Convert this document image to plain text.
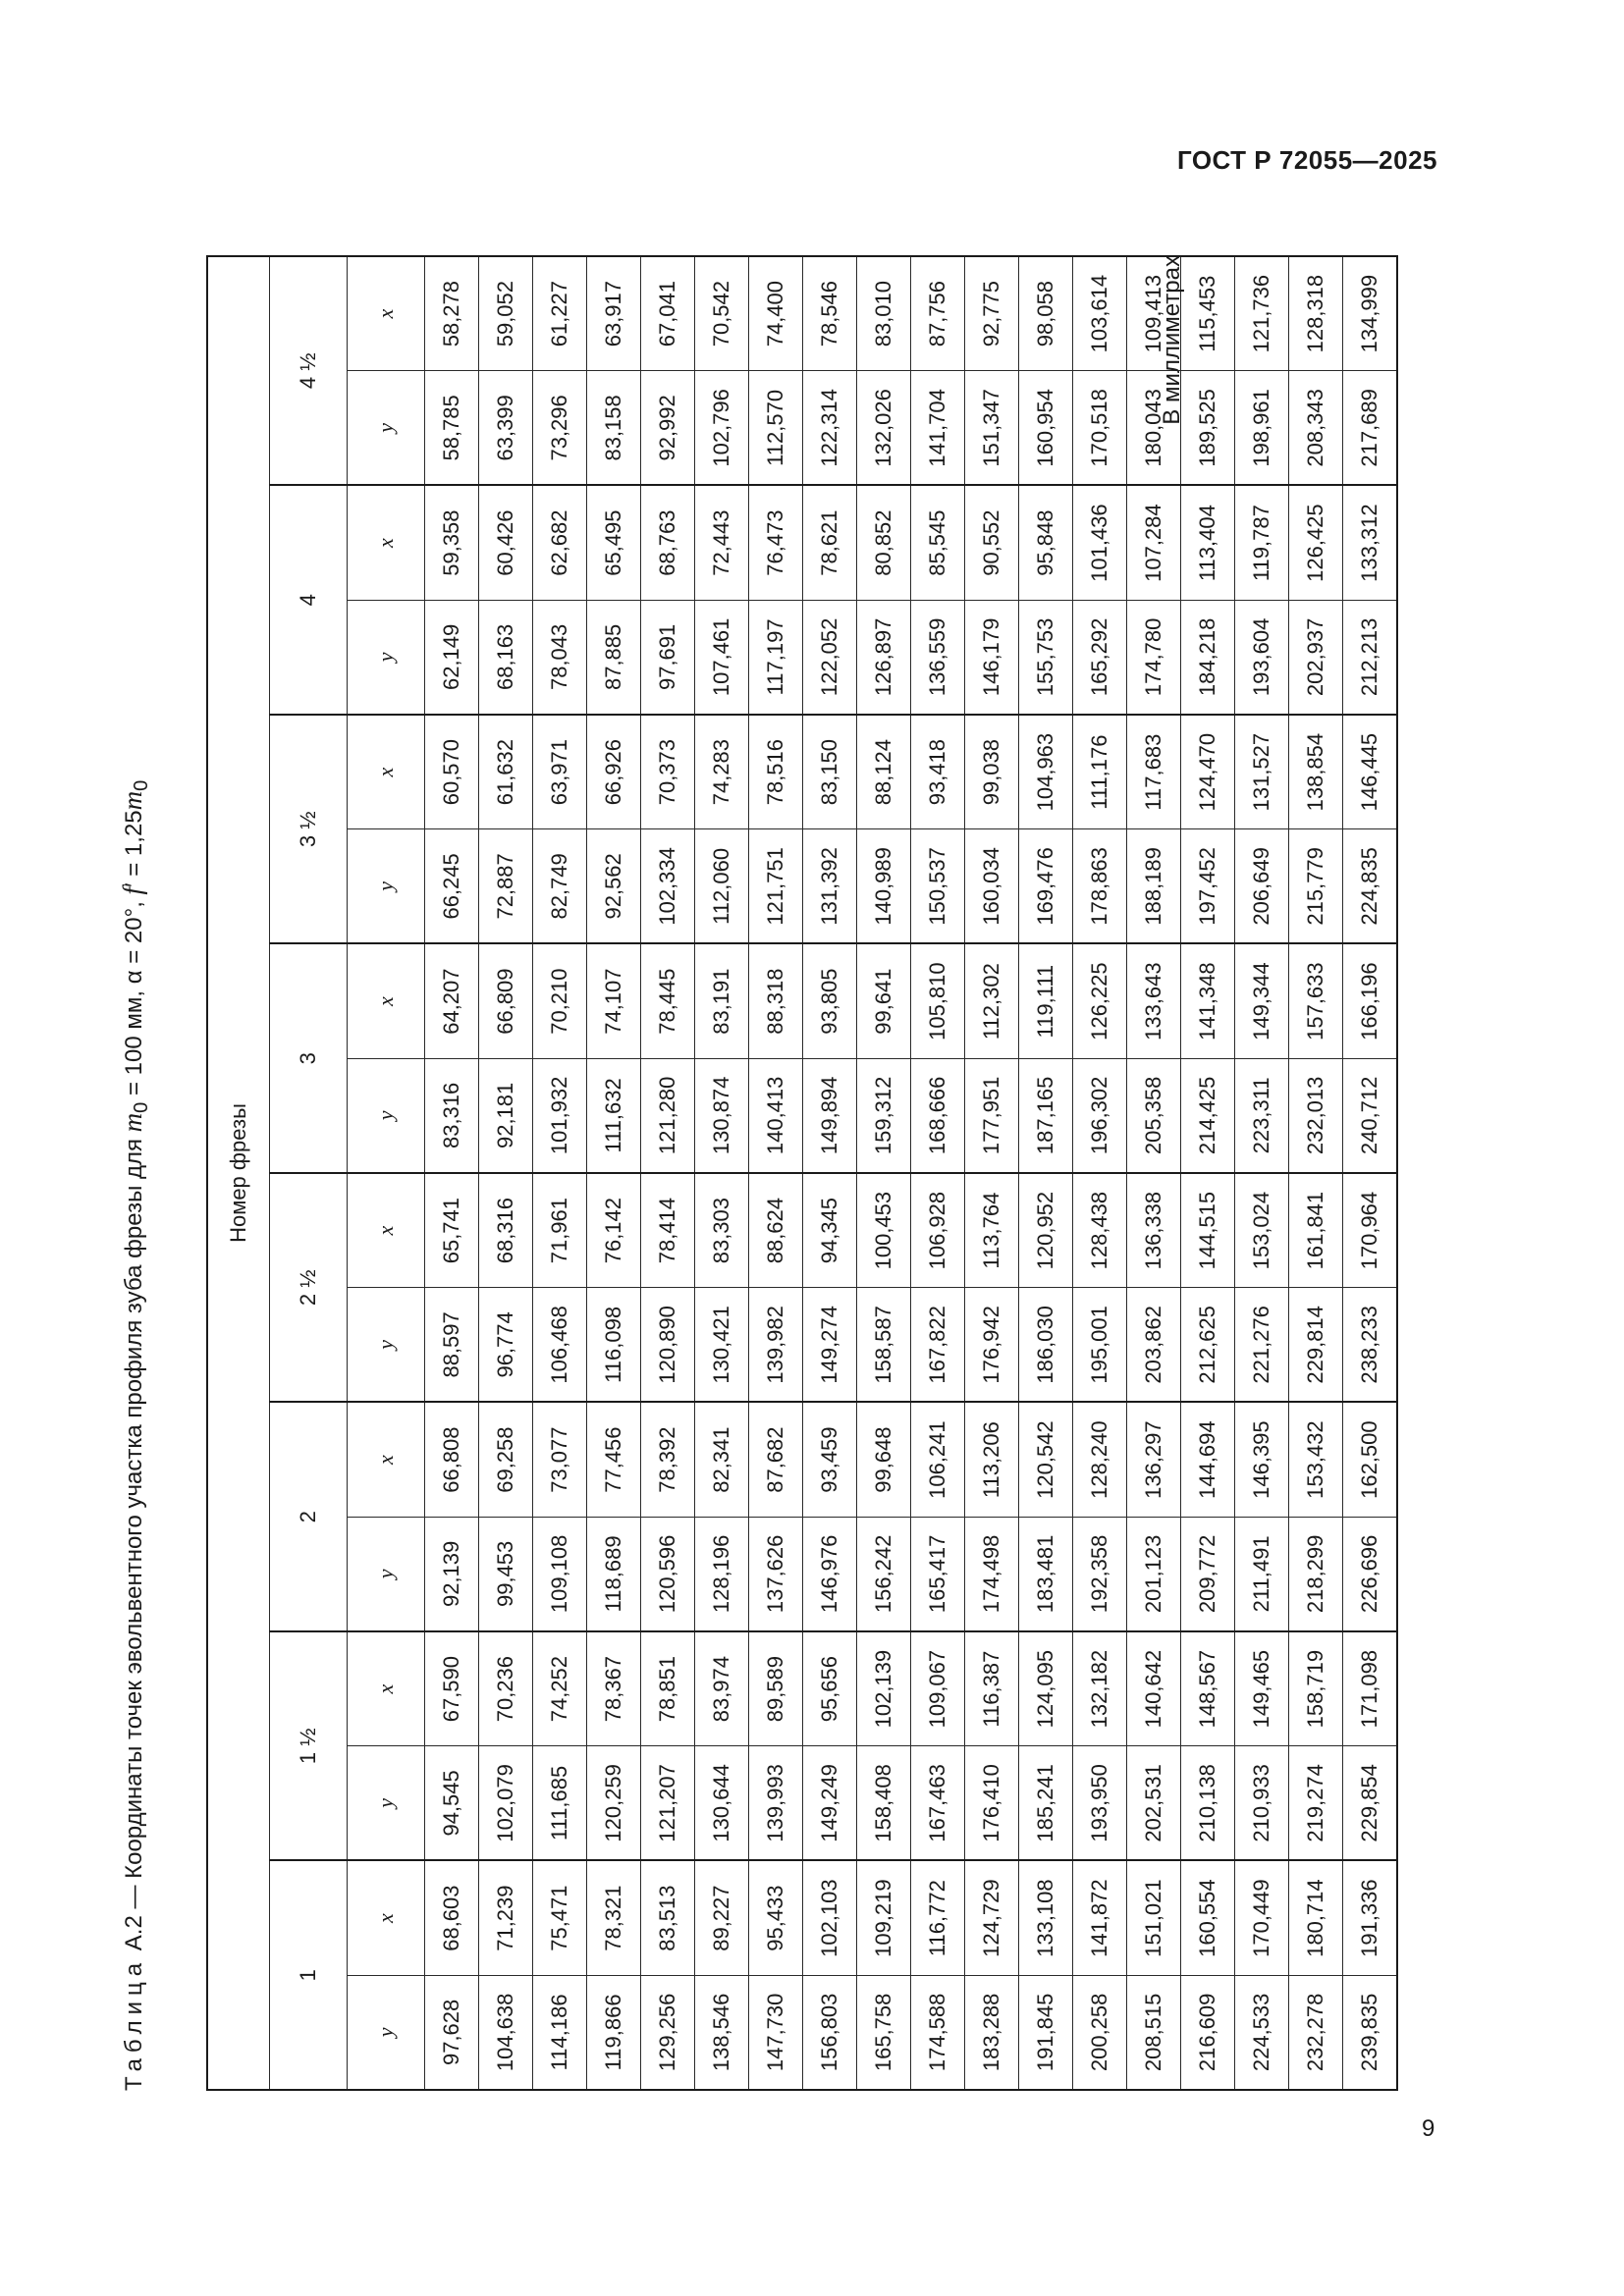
ГОСТ Р 72055—2025
Таблица А.2 — Координаты точек эвольвентного участка профиля зуба фрезы для $m_0 = 100$ мм, α = 20°, $f' = 1,25m_0$
Номер фрезы															
1		1 ½		2		2 ½		3		3 ½		4		4 ½	
y	x	y	x	y	x	y	x	y	x	y	x	y	x	y	x
97,628	68,603	94,545	67,590	92,139	66,808	88,597	65,741	83,316	64,207	66,245	60,570	62,149	59,358	58,785	58,278
104,638	71,239	102,079	70,236	99,453	69,258	96,774	68,316	92,181	66,809	72,887	61,632	68,163	60,426	63,399	59,052
114,186	75,471	111,685	74,252	109,108	73,077	106,468	71,961	101,932	70,210	82,749	63,971	78,043	62,682	73,296	61,227
119,866	78,321	120,259	78,367	118,689	77,456	116,098	76,142	111,632	74,107	92,562	66,926	87,885	65,495	83,158	63,917
129,256	83,513	121,207	78,851	120,596	78,392	120,890	78,414	121,280	78,445	102,334	70,373	97,691	68,763	92,992	67,041
138,546	89,227	130,644	83,974	128,196	82,341	130,421	83,303	130,874	83,191	112,060	74,283	107,461	72,443	102,796	70,542
147,730	95,433	139,993	89,589	137,626	87,682	139,982	88,624	140,413	88,318	121,751	78,516	117,197	76,473	112,570	74,400
156,803	102,103	149,249	95,656	146,976	93,459	149,274	94,345	149,894	93,805	131,392	83,150	122,052	78,621	122,314	78,546
165,758	109,219	158,408	102,139	156,242	99,648	158,587	100,453	159,312	99,641	140,989	88,124	126,897	80,852	132,026	83,010
174,588	116,772	167,463	109,067	165,417	106,241	167,822	106,928	168,666	105,810	150,537	93,418	136,559	85,545	141,704	87,756
183,288	124,729	176,410	116,387	174,498	113,206	176,942	113,764	177,951	112,302	160,034	99,038	146,179	90,552	151,347	92,775
191,845	133,108	185,241	124,095	183,481	120,542	186,030	120,952	187,165	119,111	169,476	104,963	155,753	95,848	160,954	98,058
200,258	141,872	193,950	132,182	192,358	128,240	195,001	128,438	196,302	126,225	178,863	111,176	165,292	101,436	170,518	103,614
208,515	151,021	202,531	140,642	201,123	136,297	203,862	136,338	205,358	133,643	188,189	117,683	174,780	107,284	180,043	109,413
216,609	160,554	210,138	148,567	209,772	144,694	212,625	144,515	214,425	141,348	197,452	124,470	184,218	113,404	189,525	115,453
224,533	170,449	210,933	149,465	211,491	146,395	221,276	153,024	223,311	149,344	206,649	131,527	193,604	119,787	198,961	121,736
232,278	180,714	219,274	158,719	218,299	153,432	229,814	161,841	232,013	157,633	215,779	138,854	202,937	126,425	208,343	128,318
239,835	191,336	229,854	171,098	226,696	162,500	238,233	170,964	240,712	166,196	224,835	146,445	212,213	133,312	217,689	134,999
В миллиметрах
9
